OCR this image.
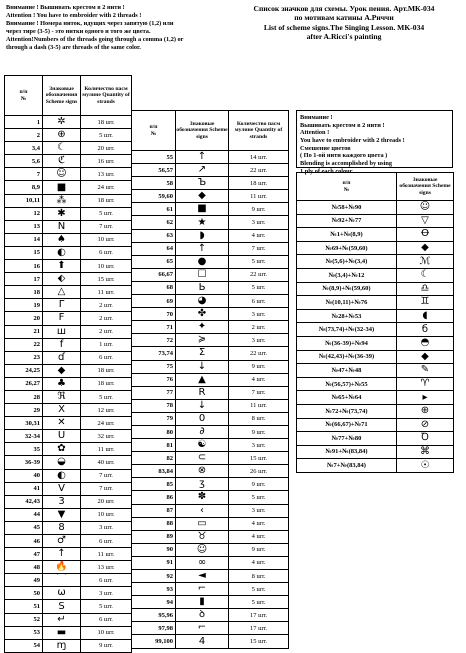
Внимание ! Вышивать крестом в 2 нити !
Attention ! You have to embroider with 2 threads !
Внимание ! Номера ниток, идущих через запятую (1,2) или
через тире (3-5) - это нитки одного и того же цвета.
Attention!Numbers of the threads going through a comma (1,2) or
through a dash (3-5) are threads of the same color.
Список значков для схемы. Урок пения. Арт.МК-034
по мотивам катины А.Риччи
List of scheme signs.The Singing Lesson. MK-034
after A.Ricci's painting
п/п
№	Знаковые обозначения Scheme signs	Количество пасм мулине Quantity of strands
1	✲	18 шт.
2	⊕	5 шт.
3,4	☾	20 шт.
5,6	ℭ	16 шт.
7	☺	13 шт.
8,9	■	24 шт.
10,11	⁂	18 шт.
12	✱	5 шт.
13	N	7 шт.
14	♠	10 шт.
15	◐	6 шт.
16	⬆	10 шт.
17	⬖	15 шт.
18	△	11 шт.
19	Γ	2 шт.
20	Ϝ	2 шт.
21	ш	2 шт.
22	f	1 шт.
23	ɗ	6 шт.
24,25	◆	18 шт.
26,27	♣	18 шт.
28	ℜ	5 шт.
29	X	12 шт.
30,31	✕	24 шт.
32-34	U	32 шт.
35	✿	11 шт.
36-39	◒	40 шт.
40	◐	7 шт.
41	V	7 шт.
42,43	3	20 шт.
44	▼	10 шт.
45	8	3 шт.
46	♂	6 шт.
47	↑	11 шт.
48	🔥	13 шт.
49	⌒	6 шт.
50	ω	3 шт.
51	S	5 шт.
52	↵	6 шт.
53	▬	10 шт.
54	ɱ	9 шт.
п/п
№	Знаковые обозначения Scheme signs	Количество пасм мулине Quantity of strands
55	↑	14 шт.
56,57	↗	22 шт.
58	Ъ	18 шт.
59,60	◆	11 шт.
61	■	9 шт.
62	★	3 шт.
63	◗	4 шт.
64	↑	7 шт.
65	●	5 шт.
66,67	☐	22 шт.
68	Ь	5 шт.
69	◕	6 шт.
70	✤	3 шт.
71	✦	2 шт.
72	≽	3 шт.
73,74	Σ	22 шт.
75	↓	9 шт.
76	▲	4 шт.
77	R	7 шт.
78	↓	11 шт.
79	0	8 шт.
80	∂	9 шт.
81	☯	3 шт.
82	⊂	15 шт.
83,84	⊗	26 шт.
85	ӡ	9 шт.
86	✽	5 шт.
87	‹	3 шт.
88	▭	4 шт.
89	♉	4 шт.
90	☺	9 шт.
91	∞	4 шт.
92	◄	8 шт.
93	⌐	5 шт.
94	▮	5 шт.
95,96	ꝺ	17 шт.
97,98	⌐	17 шт.
99,100	4	15 шт.
Внимание !
Вышивать крестом в 2 нити !
Attention !
You have to embroider with 2 threads !
Смешение цветов
( По 1-ой нити каждого цвета )
Blending is accomplished by using
1 ply of each colour.
п/п
№	Знаковые обозначения Scheme signs
№58+№90	☺
№92+№77	▽
№1+№(8,9)	Ꝋ
№69+№(59,60)	◆
№(5,6)+№(3,4)	ℳ
№(3,4)+№12	☾
№(8,9)+№(59,60)	♎
№(10,11)+№76	♊
№28+№53	◖
№(73,74)+№(32-34)	б
№(36-39)+№94	◓
№(42,43)+№(36-39)	◆
№47+№48	✎
№(56,57)+№55	♈
№65+№64	▸
№72+№(73,74)	⊕
№(66,67)+№71	⊘
№77+№80	Ꝺ
№91+№(83,84)	⌘
№7+№(83,84)	☉
